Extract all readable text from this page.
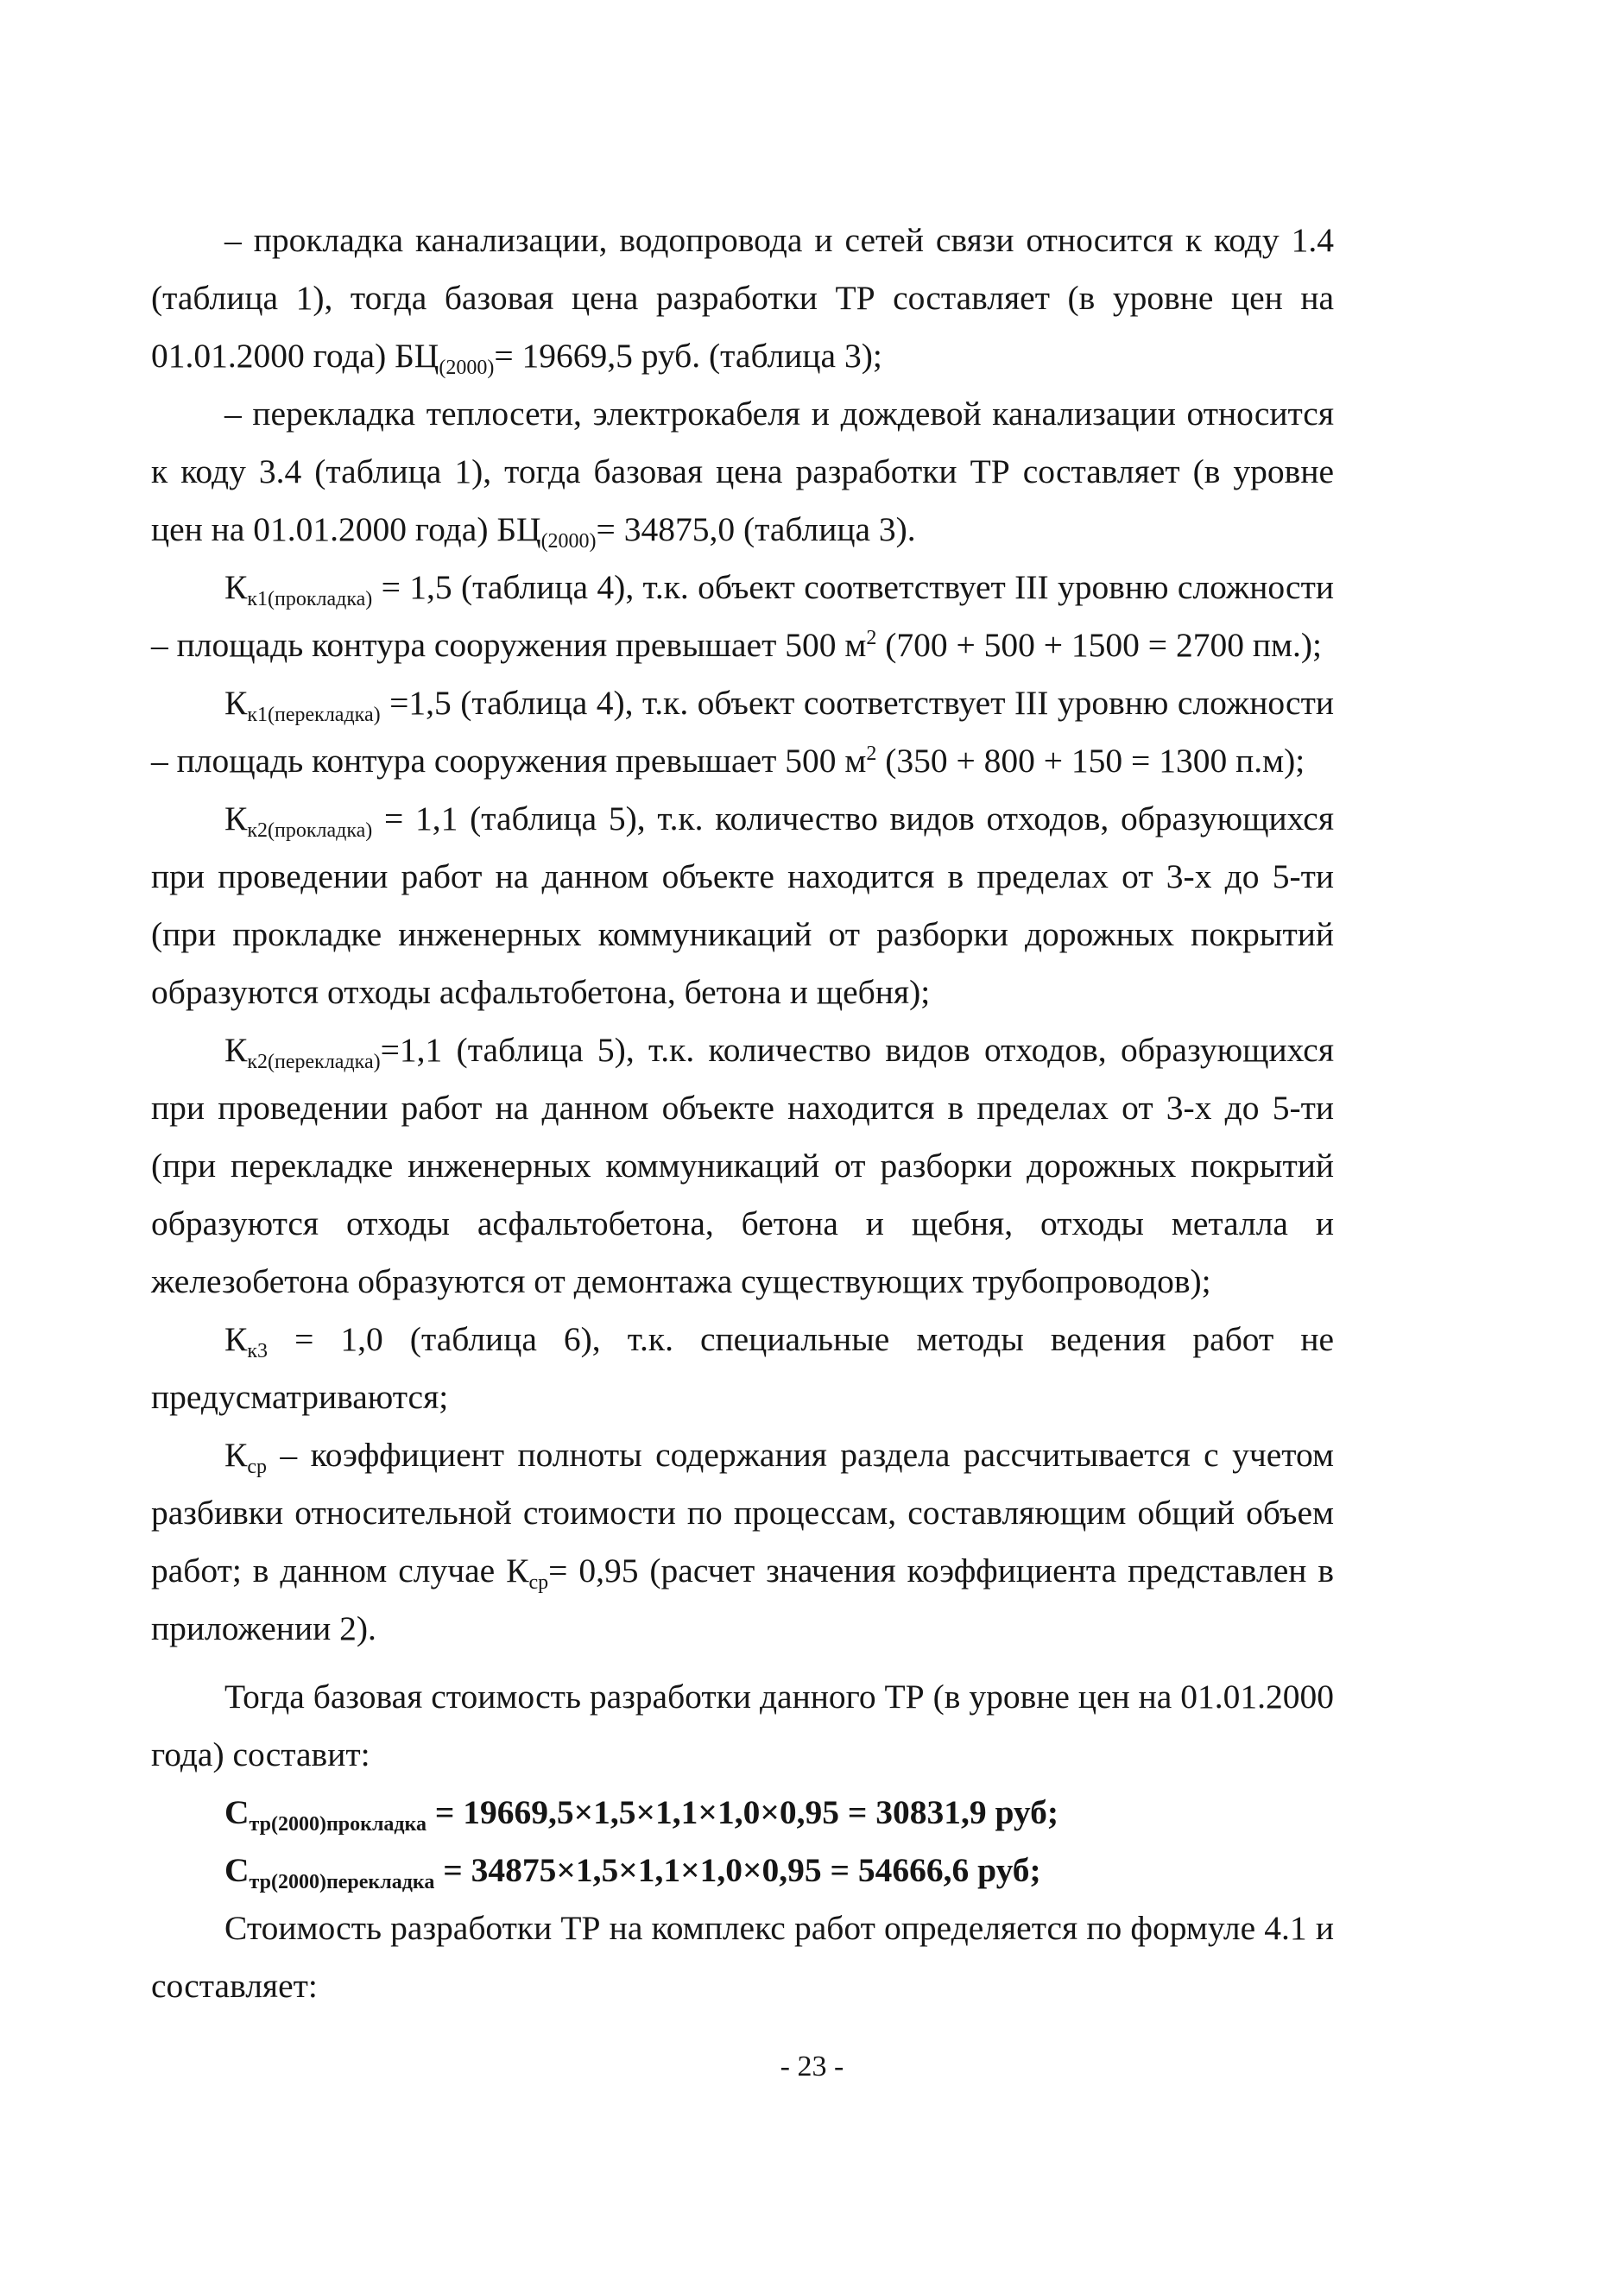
– прокладка канализации, водопровода и сетей связи относится к коду 1.4 (таблица 1), тогда базовая цена разработки ТР составляет (в уровне цен на 01.01.2000 года) $БЦ_{(2000)}= 19669,5$ руб. (таблица 3);

– перекладка теплосети, электрокабеля и дождевой канализации относится к коду 3.4 (таблица 1), тогда базовая цена разработки ТР составляет (в уровне цен на 01.01.2000 года) $БЦ_{(2000)}= 34875,0$ (таблица 3).

$К_{к1(прокладка)} = 1,5$ (таблица 4), т.к. объект соответствует III уровню сложности – площадь контура сооружения превышает 500 $м^2$ (700 + 500 + 1500 = 2700 пм.);

$К_{к1(перекладка)} =1,5$ (таблица 4), т.к. объект соответствует III уровню сложности – площадь контура сооружения превышает 500 $м^2$ (350 + 800 + 150 = 1300 п.м);

$К_{к2(прокладка)} = 1,1$ (таблица 5), т.к. количество видов отходов, образующихся при проведении работ на данном объекте находится в пределах от 3-х до 5-ти (при прокладке инженерных коммуникаций от разборки дорожных покрытий образуются отходы асфальтобетона, бетона и щебня);

$К_{к2(перекладка)}=1,1$ (таблица 5), т.к. количество видов отходов, образующихся при проведении работ на данном объекте находится в пределах от 3-х до 5-ти (при перекладке инженерных коммуникаций от разборки дорожных покрытий образуются отходы асфальтобетона, бетона и щебня, отходы металла и железобетона образуются от демонтажа существующих трубопроводов);

$К_{к3} = 1,0$ (таблица 6), т.к. специальные методы ведения работ не предусматриваются;

$К_{ср}$ – коэффициент полноты содержания раздела рассчитывается с учетом разбивки относительной стоимости по процессам, составляющим общий объем работ; в данном случае $К_{ср}= 0,95$ (расчет значения коэффициента представлен в приложении 2).

Тогда базовая стоимость разработки данного ТР (в уровне цен на 01.01.2000 года) составит:

$С_{тр(2000)прокладка} = 19669,5\times 1,5\times 1,1\times 1,0\times 0,95 = 30831,9$ руб;

$С_{тр(2000)перекладка} = 34875\times 1,5\times 1,1\times 1,0\times 0,95 = 54666,6$ руб;

Стоимость разработки ТР на комплекс работ определяется по формуле 4.1 и составляет:

- 23 -
